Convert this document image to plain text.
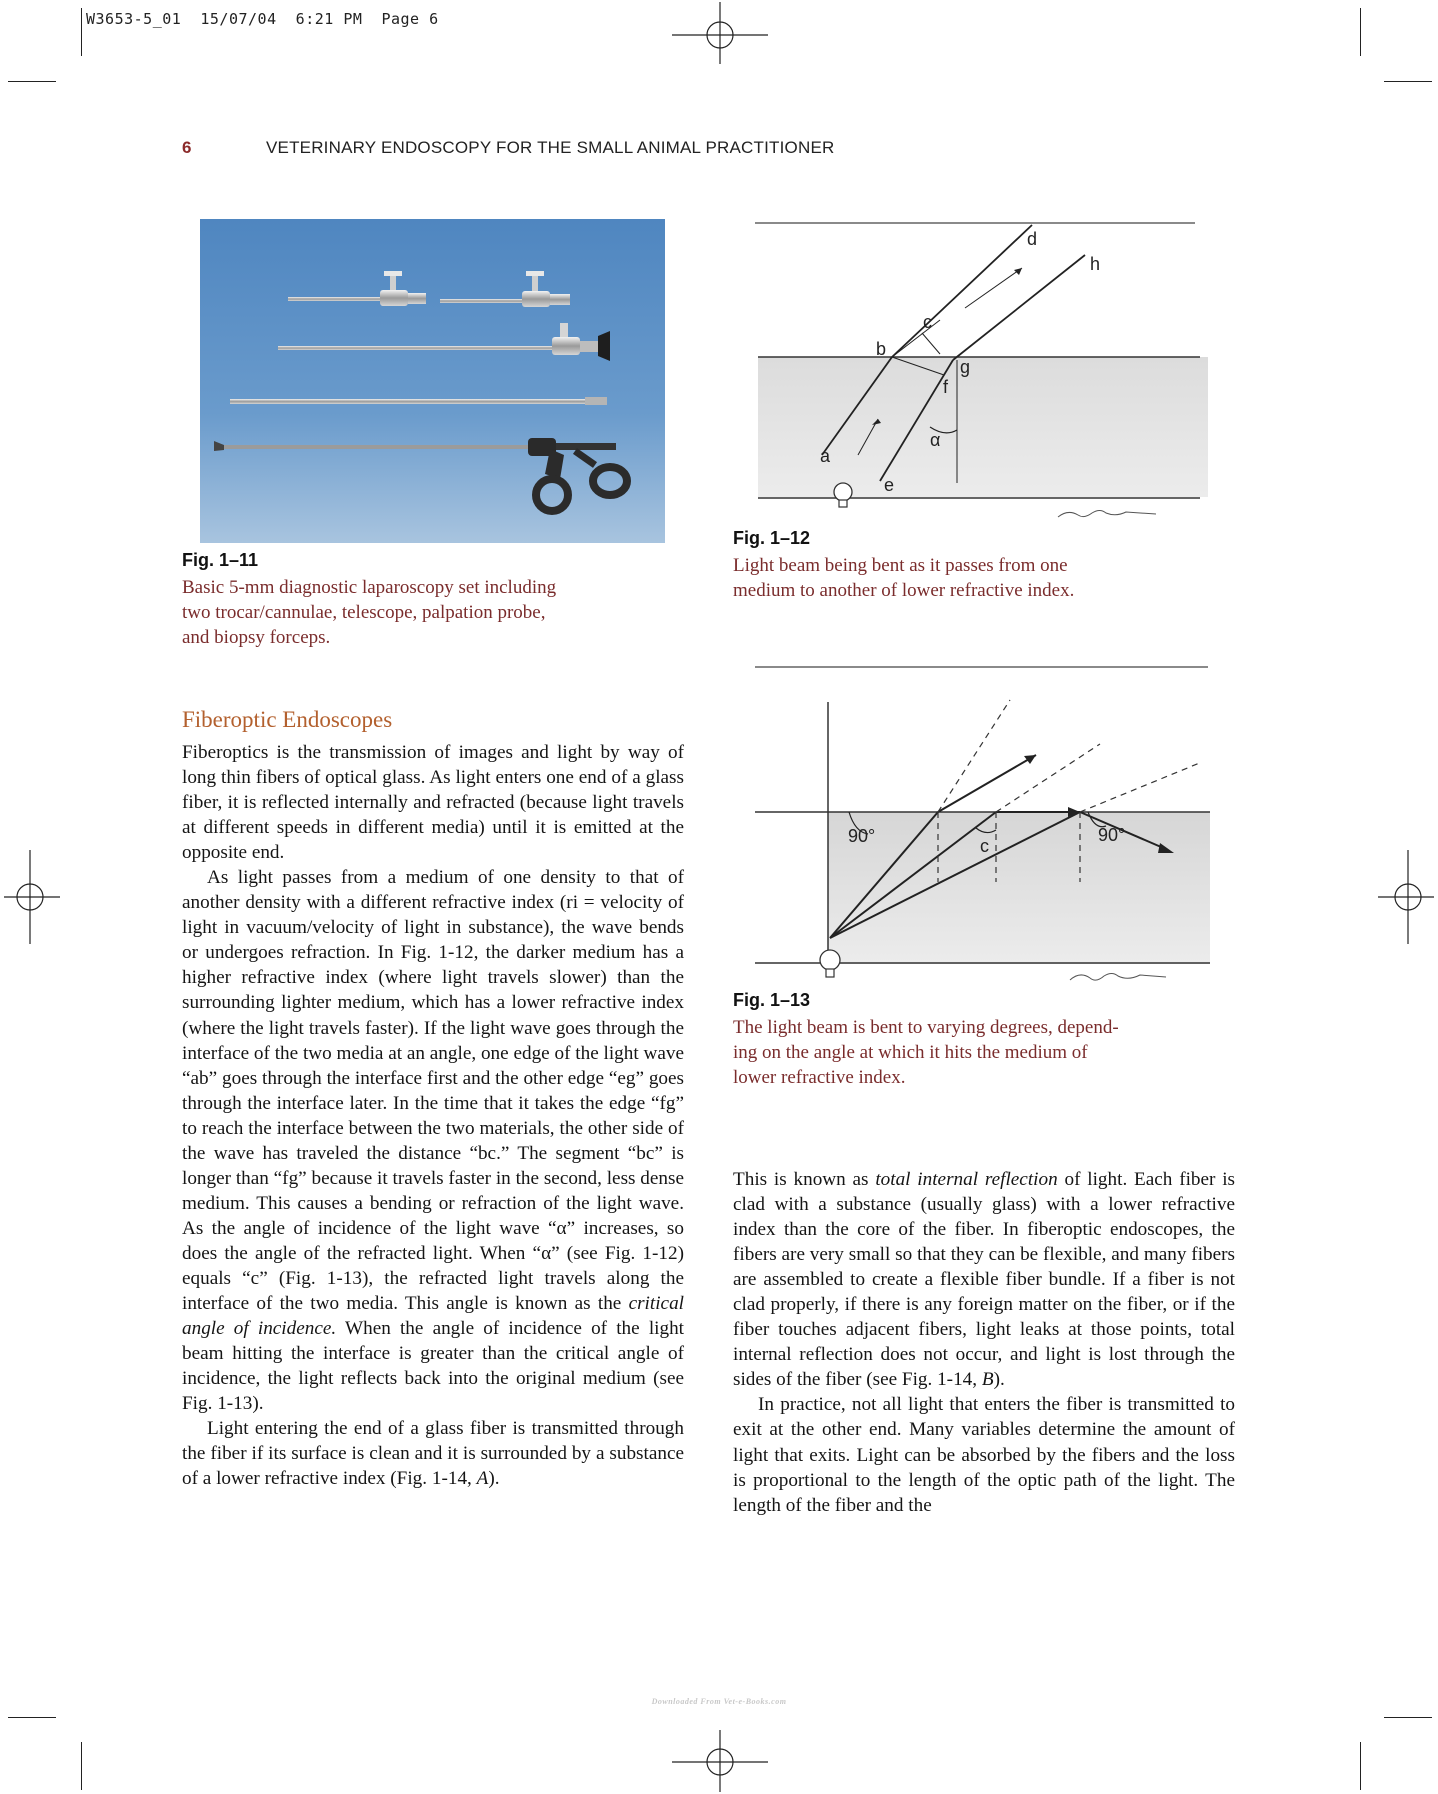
W3653-5_01  15/07/04  6:21 PM  Page 6
6	VETERINARY ENDOSCOPY FOR THE SMALL ANIMAL PRACTITIONER
Fig. 1–11
Basic 5-mm diagnostic laparoscopy set including
two trocar/cannulae, telescope, palpation probe,
and biopsy forceps.
a
b
c
d
e
f
g
h
α
Fig. 1–12
Light beam being bent as it passes from one
medium to another of lower refractive index.
90°	c
90°
Fig. 1–13
The light beam is bent to varying degrees, depend-
ing on the angle at which it hits the medium of
lower refractive index.
Fiberoptic Endoscopes

Fiberoptics is the transmission of images and light by way of long thin fibers of optical glass. As light enters one end of a glass fiber, it is reflected internally and refracted (because light travels at different speeds in different media) until it is emitted at the opposite end.

As light passes from a medium of one density to that of another density with a different refractive index (ri = velocity of light in vacuum/velocity of light in substance), the wave bends or undergoes refraction. In Fig. 1-12, the darker medium has a higher refractive index (where light travels slower) than the surrounding lighter medium, which has a lower refractive index (where the light travels faster). If the light wave goes through the interface of the two media at an angle, one edge of the light wave “ab” goes through the interface first and the other edge “eg” goes through the interface later. In the time that it takes the edge “fg” to reach the interface between the two materials, the other side of the wave has traveled the distance “bc.” The segment “bc” is longer than “fg” because it travels faster in the second, less dense medium. This causes a bending or refraction of the light wave. As the angle of incidence of the light wave “α” increases, so does the angle of the refracted light. When “α” (see Fig. 1-12) equals “c” (Fig. 1-13), the refracted light travels along the interface of the two media. This angle is known as the critical angle of incidence. When the angle of incidence of the light beam hitting the interface is greater than the critical angle of incidence, the light reflects back into the original medium (see Fig. 1-13).

Light entering the end of a glass fiber is transmitted through the fiber if its surface is clean and it is surrounded by a substance of a lower refractive index (Fig. 1-14, A).

This is known as total internal reflection of light. Each fiber is clad with a substance (usually glass) with a lower refractive index than the core of the fiber. In fiberoptic endoscopes, the fibers are very small so that they can be flexible, and many fibers are assembled to create a flexible fiber bundle. If a fiber is not clad properly, if there is any foreign matter on the fiber, or if the fiber touches adjacent fibers, light leaks at those points, total internal reflection does not occur, and light is lost through the sides of the fiber (see Fig. 1-14, B).

In practice, not all light that enters the fiber is transmitted to exit at the other end. Many variables determine the amount of light that exits. Light can be absorbed by the fibers and the loss is proportional to the length of the optic path of the light. The length of the fiber and the

Downloaded From Vet-e-Books.com
